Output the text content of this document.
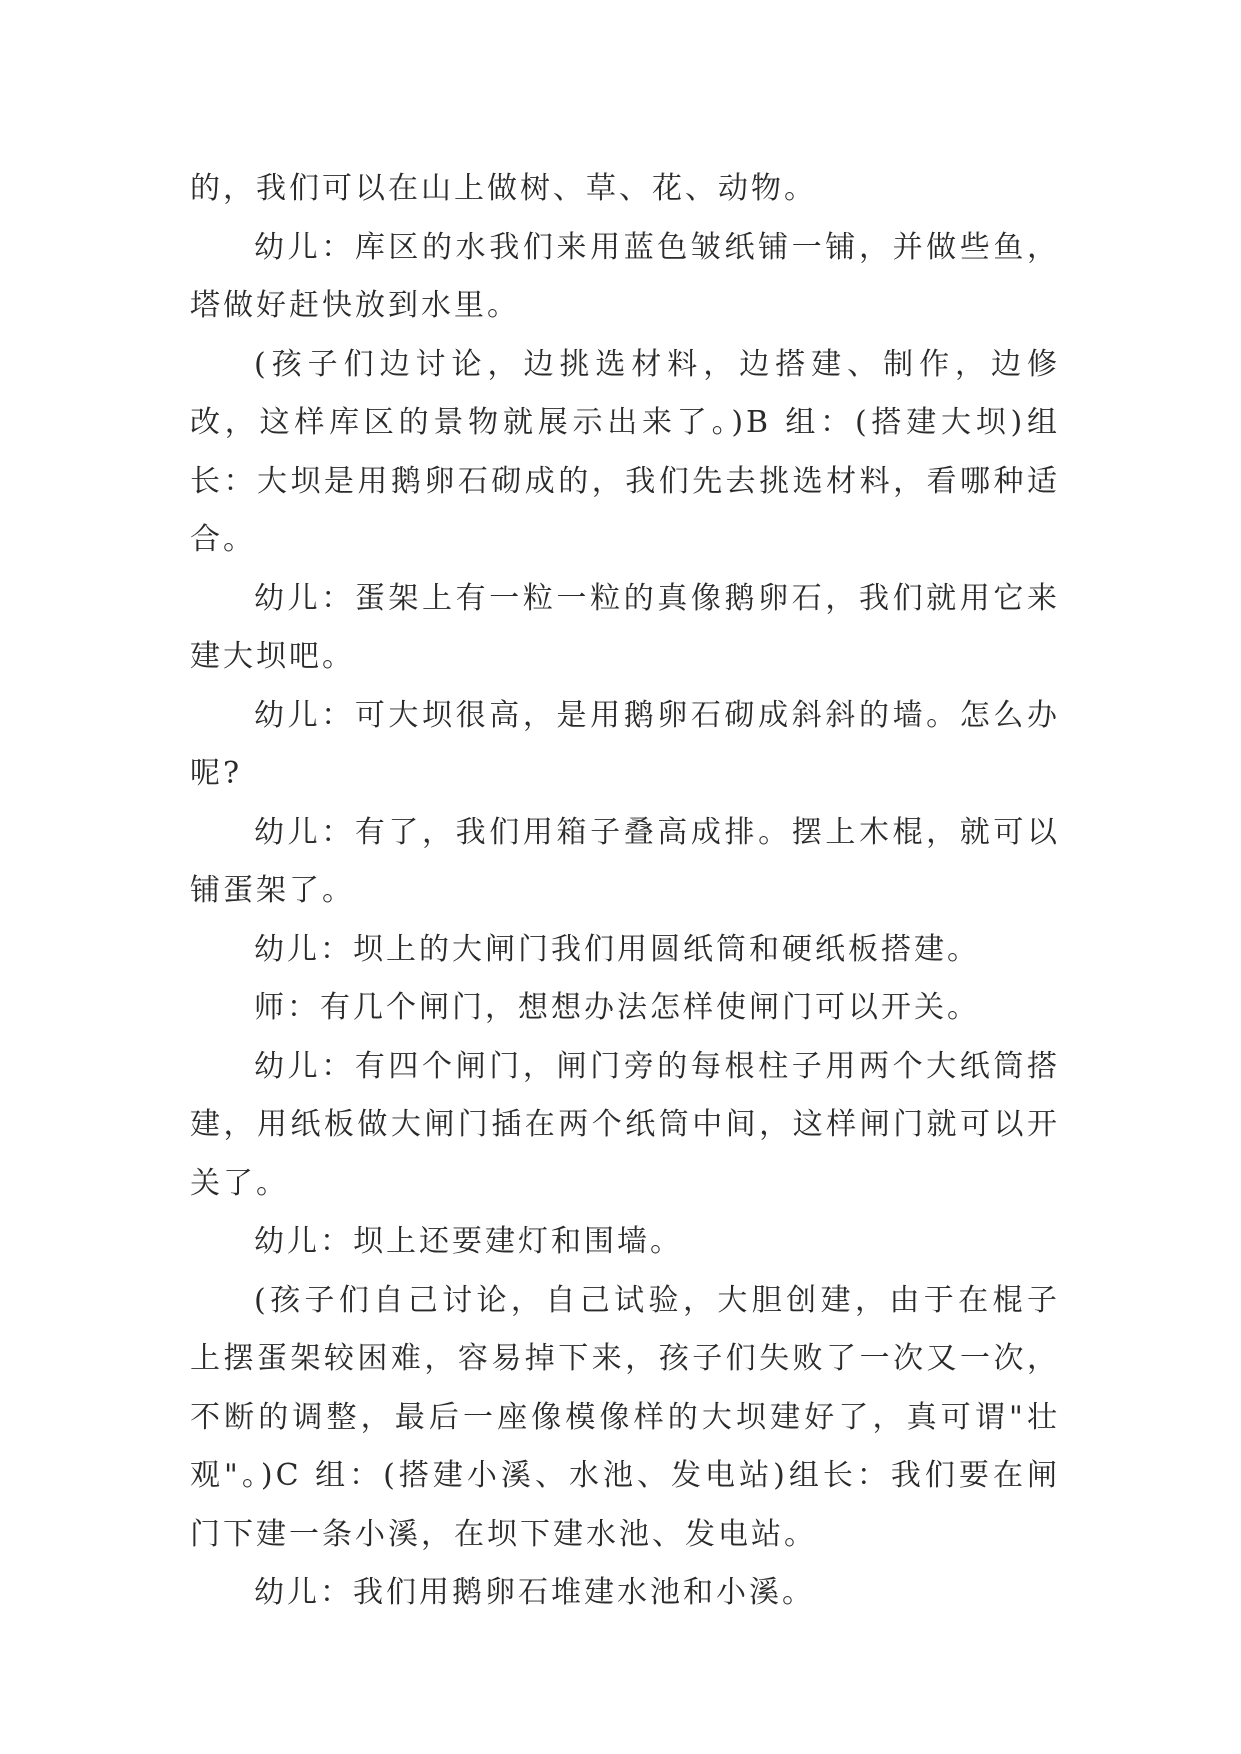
的，我们可以在山上做树、草、花、动物。

幼儿：库区的水我们来用蓝色皱纸铺一铺，并做些鱼，塔做好赶快放到水里。

(孩子们边讨论，边挑选材料，边搭建、制作，边修改，这样库区的景物就展示出来了。)B 组：(搭建大坝)组长：大坝是用鹅卵石砌成的，我们先去挑选材料，看哪种适合。

幼儿：蛋架上有一粒一粒的真像鹅卵石，我们就用它来建大坝吧。

幼儿：可大坝很高，是用鹅卵石砌成斜斜的墙。怎么办呢?

幼儿：有了，我们用箱子叠高成排。摆上木棍，就可以铺蛋架了。

幼儿：坝上的大闸门我们用圆纸筒和硬纸板搭建。

师：有几个闸门，想想办法怎样使闸门可以开关。

幼儿：有四个闸门，闸门旁的每根柱子用两个大纸筒搭建，用纸板做大闸门插在两个纸筒中间，这样闸门就可以开关了。

幼儿：坝上还要建灯和围墙。

(孩子们自己讨论，自己试验，大胆创建，由于在棍子上摆蛋架较困难，容易掉下来，孩子们失败了一次又一次，不断的调整，最后一座像模像样的大坝建好了，真可谓"壮观"。)C 组：(搭建小溪、水池、发电站)组长：我们要在闸门下建一条小溪，在坝下建水池、发电站。

幼儿：我们用鹅卵石堆建水池和小溪。
